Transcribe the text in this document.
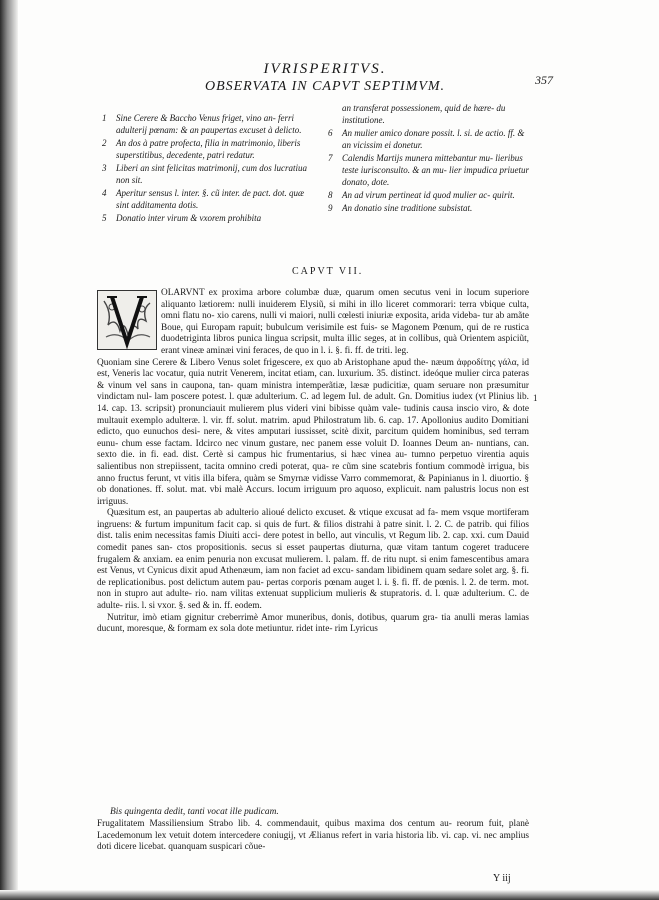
IVRISPERITVS.
OBSERVATA IN CAPVT SEPTIMVM.	357
1 Sine Cerere & Baccho Venus friget, vino an- ferri adulterij pœnam: & an paupertas excuset à delicto.
2 An dos à patre profecta, filia in matrimonio, liberis superstitibus, decedente, patri redatur.
3 Liberi an sint felicitas matrimonij, cum dos lucratiua non sit.
4 Aperitur sensus l. inter. §. cũ inter. de pact. dot. quæ sint additamenta dotis.
5 Donatio inter virum & vxorem prohibita
an transferat possessionem, quid de hære- du institutione.
6 An mulier amico donare possit. l. si. de actio. ff. & an vicissim ei donetur.
7 Calendis Martijs munera mittebantur mu- lieribus teste iurisconsulto. & an mu- lier impudica priuetur donato, dote.
8 An ad virum pertineat id quod mulier ac- quirit.
9 An donatio sine traditione subsistat.
CAPVT VII.

OLARVNT ex proxima arbore columbæ duæ, quarum omen secutus veni in locum superiore aliquanto lætiorem: nulli inuiderem Elysiũ, si mihi in illo liceret commorari: terra vbique culta, omni flatu no- xio carens, nulli vi maiori, nulli cœlesti iniuriæ exposita, arida videba- tur ab amãte Boue, qui Europam rapuit; bubulcum verisimile est fuis- se Magonem Pœnum, qui de re rustica duodetriginta libros punica lingua scripsit, multa illic seges, at in collibus, quà Orientem aspiciũt, erant vineæ aminæi vini feraces, de quo in l. i. §. fi. ff. de triti. leg.

Quoniam sine Cerere & Libero Venus solet frigescere, ex quo ab Aristophane apud the- næum ἀφροδίτης γάλα, id est, Veneris lac vocatur, quia nutrit Venerem, incitat etiam, can. luxurium. 35. distinct. ideóque mulier circa pateras & vinum vel sans in caupona, tan- quam ministra intemperãtiæ, læsæ pudicitiæ, quam seruare non præsumitur vindictam nul- lam poscere potest. l. quæ adulterium. C. ad legem Iul. de adult. Gn. Domitius iudex (vt Plinius lib. 14. cap. 13. scripsit) pronunciauit mulierem plus videri vini bibisse quàm vale- tudinis causa inscio viro, & dote multauit exemplo adulteræ. l. vir. ff. solut. matrim. apud Philostratum lib. 6. cap. 17. Apollonius audito Domitiani edicto, quo eunuchos desi- nere, & vites amputari iussisset, scitè dixit, parcitum quidem hominibus, sed terram eunu- chum esse factam. Idcirco nec vinum gustare, nec panem esse voluit D. Ioannes Deum an- nuntians, can. sexto die. in fi. ead. dist. Certè si campus hic frumentarius, si hæc vinea au- tumno perpetuo virentia aquis salientibus non strepiissent, tacita omnino credi poterat, qua- re cũm sine scatebris fontium commodè irrigua, bis anno fructus ferunt, vt vitis illa bifera, quàm se Smyrnæ vidisse Varro commemorat, & Papinianus in l. diuortio. § ob donationes. ff. solut. mat. vbi malè Accurs. locum irriguum pro aquoso, explicuit. nam palustris locus non est irriguus.

Quæsitum est, an paupertas ab adulterio alioué delicto excuset. & vtique excusat ad fa- mem vsque mortiferam ingruens: & furtum impunitum facit cap. si quis de furt. & filios distrahi à patre sinit. l. 2. C. de patrib. qui filios dist. talis enim necessitas famis Diuiti acci- dere potest in bello, aut vinculis, vt Regum lib. 2. cap. xxi. cum Dauid comedit panes san- ctos propositionis. secus si esset paupertas diuturna, quæ vitam tantum cogeret traducere frugalem & anxiam. ea enim penuria non excusat mulierem. l. palam. ff. de ritu nupt. si enim famescentibus amara est Venus, vt Cynicus dixit apud Athenæum, iam non faciet ad excu- sandam libidinem quam sedare solet arg. §. fi. de replicationibus. post delictum autem pau- pertas corporis pœnam auget l. i. §. fi. ff. de pœnis. l. 2. de term. mot. non in stupro aut adulte- rio. nam vilitas extenuat supplicium mulieris & stupratoris. d. l. quæ adulterium. C. de adulte- riis. l. si vxor. §. sed & in. ff. eodem.

Nutritur, imò etiam gignitur creberrimè Amor muneribus, donis, dotibus, quarum gra- tia anulli meras lamias ducunt, moresque, & formam ex sola dote metiuntur. ridet inte- rim Lyricus

1
Bis quingenta dedit, tanti vocat ille pudicam.

Frugalitatem Massiliensium Strabo lib. 4. commendauit, quibus maxima dos centum au- reorum fuit, planè Lacedemonum lex vetuit dotem intercedere coniugij, vt Ælianus refert in varia historia lib. vi. cap. vi. nec amplius doti dicere licebat. quanquam suspicari cõue-

Y iij
